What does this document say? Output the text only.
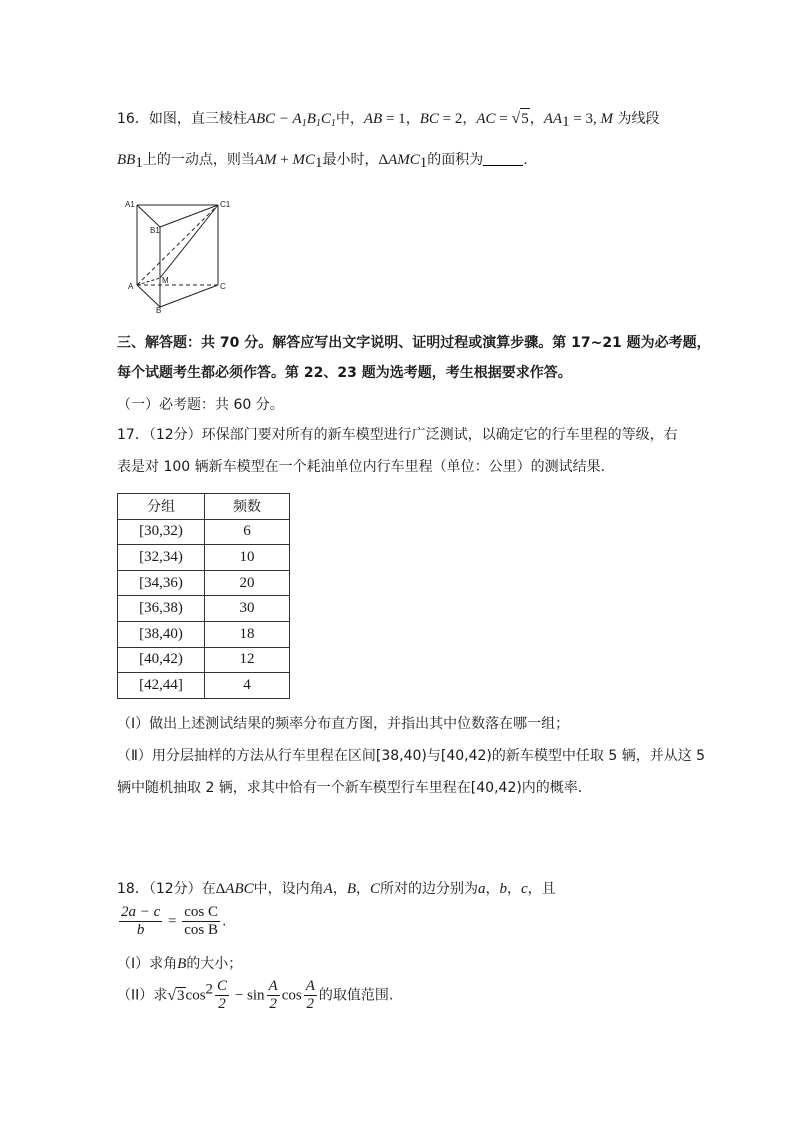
16．如图，直三棱柱ABC − $A_1B_1C_1$中，AB = 1，BC = 2，AC = √ 5 ，$AA_1 = 3$, M 为线段
$BB_1$上的一动点，则当AM + $MC_1$最小时，$\Delta AMC_1$的面积为	.
A1	C1
B1
M
A	C
B
三、解答题：共 70 分。解答应写出文字说明、证明过程或演算步骤。第 17~21 题为必考题，
每个试题考生都必须作答。第 22、23 题为选考题，考生根据要求作答。
（一）必考题：共 60 分。
17．（12分）环保部门要对所有的新车模型进行广泛测试，以确定它的行车里程的等级，右
表是对 100 辆新车模型在一个耗油单位内行车里程（单位：公里）的测试结果.
分组	频数
[30,32)	6
[32,34)	10
[34,36)	20
[36,38)	30
[38,40)	18
[40,42)	12
[42,44]	4
（Ⅰ）做出上述测试结果的频率分布直方图，并指出其中位数落在哪一组；
（Ⅱ）用分层抽样的方法从行车里程在区间[38,40)与[40,42)的新车模型中任取 5 辆，并从这 5
辆中随机抽取 2 辆，求其中恰有一个新车模型行车里程在[40,42)内的概率.
18．（12分）在ΔABC中，设内角A，B，C所对的边分别为a，b，c，且
$\frac{2a - c}{b} = \frac{\text{cos C}}{\text{cos B}}$ .
（Ⅰ）求角B的大小；
（II）求 √ 3 $\cos^2 \frac{C}{2} - \sin \frac{A}{2}$ $\cos \frac{A}{2}$ 的取值范围.
